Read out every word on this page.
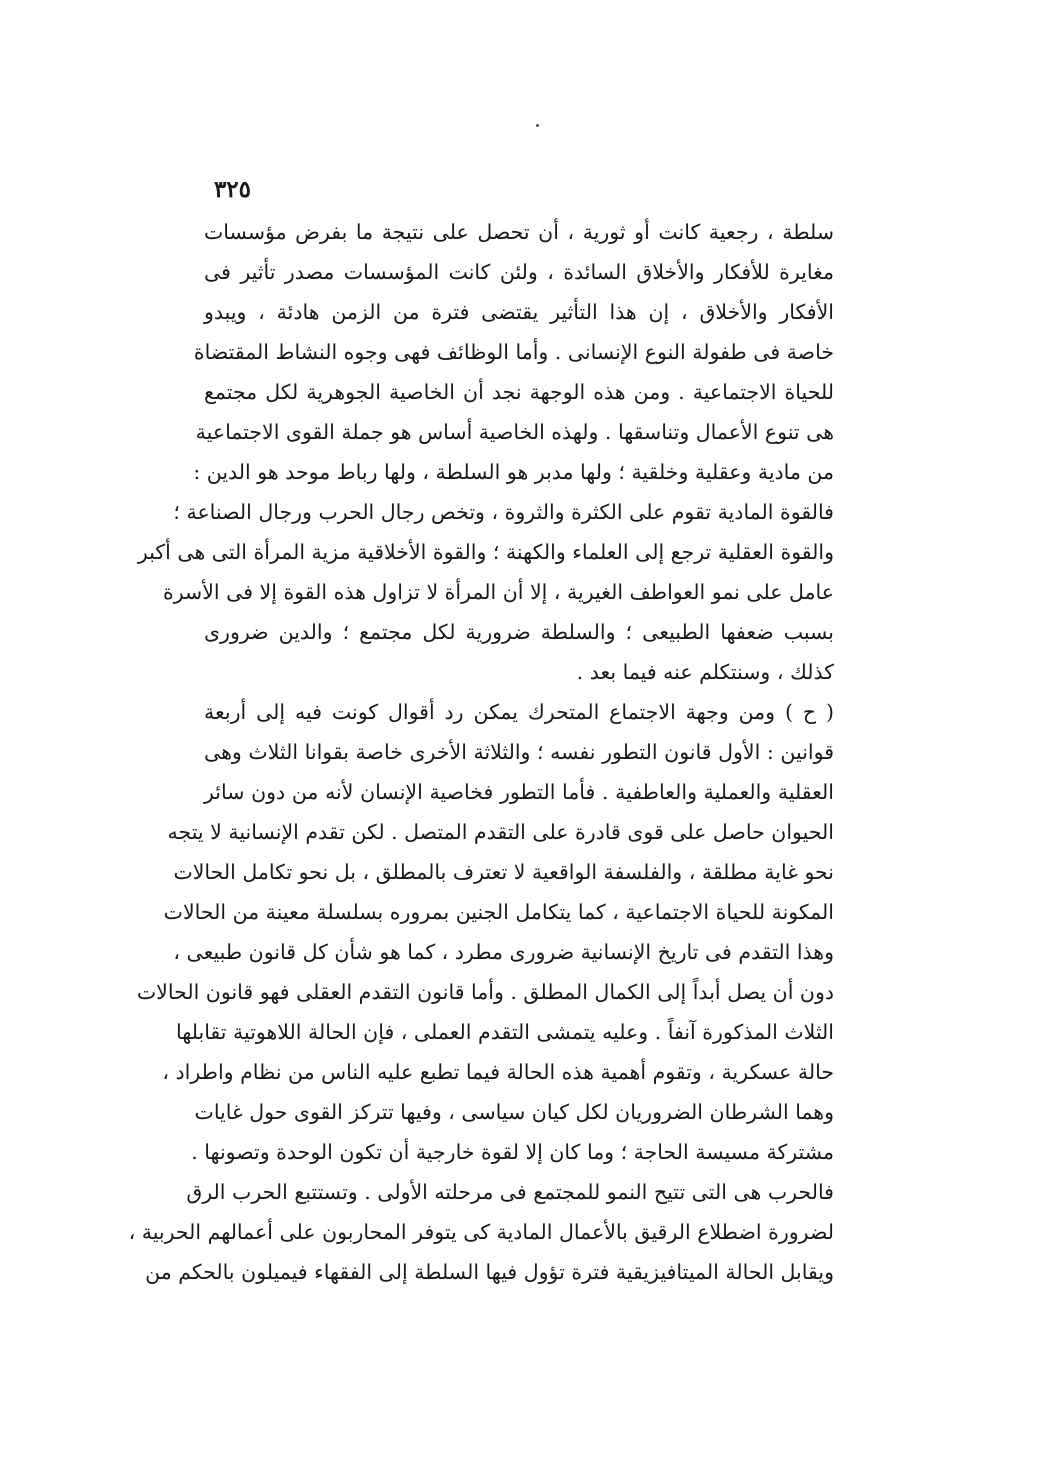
٣٢٥
سلطة ، رجعية كانت أو ثورية ، أن تحصل على نتيجة ما بفرض مؤسسات
مغايرة للأفكار والأخلاق السائدة ، ولئن كانت المؤسسات مصدر تأثير فى
الأفكار والأخلاق ، إن هذا التأثير يقتضى فترة من الزمن هادئة ، ويبدو
خاصة فى طفولة النوع الإنسانى . وأما الوظائف فهى وجوه النشاط المقتضاة
للحياة الاجتماعية . ومن هذه الوجهة نجد أن الخاصية الجوهرية لكل مجتمع
هى تنوع الأعمال وتناسقها . ولهذه الخاصية أساس هو جملة القوى الاجتماعية
من مادية وعقلية وخلقية ؛ ولها مدبر هو السلطة ، ولها رباط موحد هو الدين :
فالقوة المادية تقوم على الكثرة والثروة ، وتخص رجال الحرب ورجال الصناعة ؛
والقوة العقلية ترجع إلى العلماء والكهنة ؛ والقوة الأخلاقية مزية المرأة التى هى أكبر
عامل على نمو العواطف الغيرية ، إلا أن المرأة لا تزاول هذه القوة إلا فى الأسرة
بسبب ضعفها الطبيعى ؛ والسلطة ضرورية لكل مجتمع ؛ والدين ضرورى
كذلك ، وسنتكلم عنه فيما بعد .
( ح ) ومن وجهة الاجتماع المتحرك يمكن رد أقوال كونت فيه إلى أربعة
قوانين : الأول قانون التطور نفسه ؛ والثلاثة الأخرى خاصة بقوانا الثلاث وهى
العقلية والعملية والعاطفية . فأما التطور فخاصية الإنسان لأنه من دون سائر
الحيوان حاصل على قوى قادرة على التقدم المتصل . لكن تقدم الإنسانية لا يتجه
نحو غاية مطلقة ، والفلسفة الواقعية لا تعترف بالمطلق ، بل نحو تكامل الحالات
المكونة للحياة الاجتماعية ، كما يتكامل الجنين بمروره بسلسلة معينة من الحالات
وهذا التقدم فى تاريخ الإنسانية ضرورى مطرد ، كما هو شأن كل قانون طبيعى ،
دون أن يصل أبداً إلى الكمال المطلق . وأما قانون التقدم العقلى فهو قانون الحالات
الثلاث المذكورة آنفاً . وعليه يتمشى التقدم العملى ، فإن الحالة اللاهوتية تقابلها
حالة عسكرية ، وتقوم أهمية هذه الحالة فيما تطبع عليه الناس من نظام واطراد ،
وهما الشرطان الضروريان لكل كيان سياسى ، وفيها تتركز القوى حول غايات
مشتركة مسيسة الحاجة ؛ وما كان إلا لقوة خارجية أن تكون الوحدة وتصونها .
فالحرب هى التى تتيح النمو للمجتمع فى مرحلته الأولى . وتستتبع الحرب الرق
لضرورة اضطلاع الرقيق بالأعمال المادية كى يتوفر المحاربون على أعمالهم الحربية ،
ويقابل الحالة الميتافيزيقية فترة تؤول فيها السلطة إلى الفقهاء فيميلون بالحكم من
